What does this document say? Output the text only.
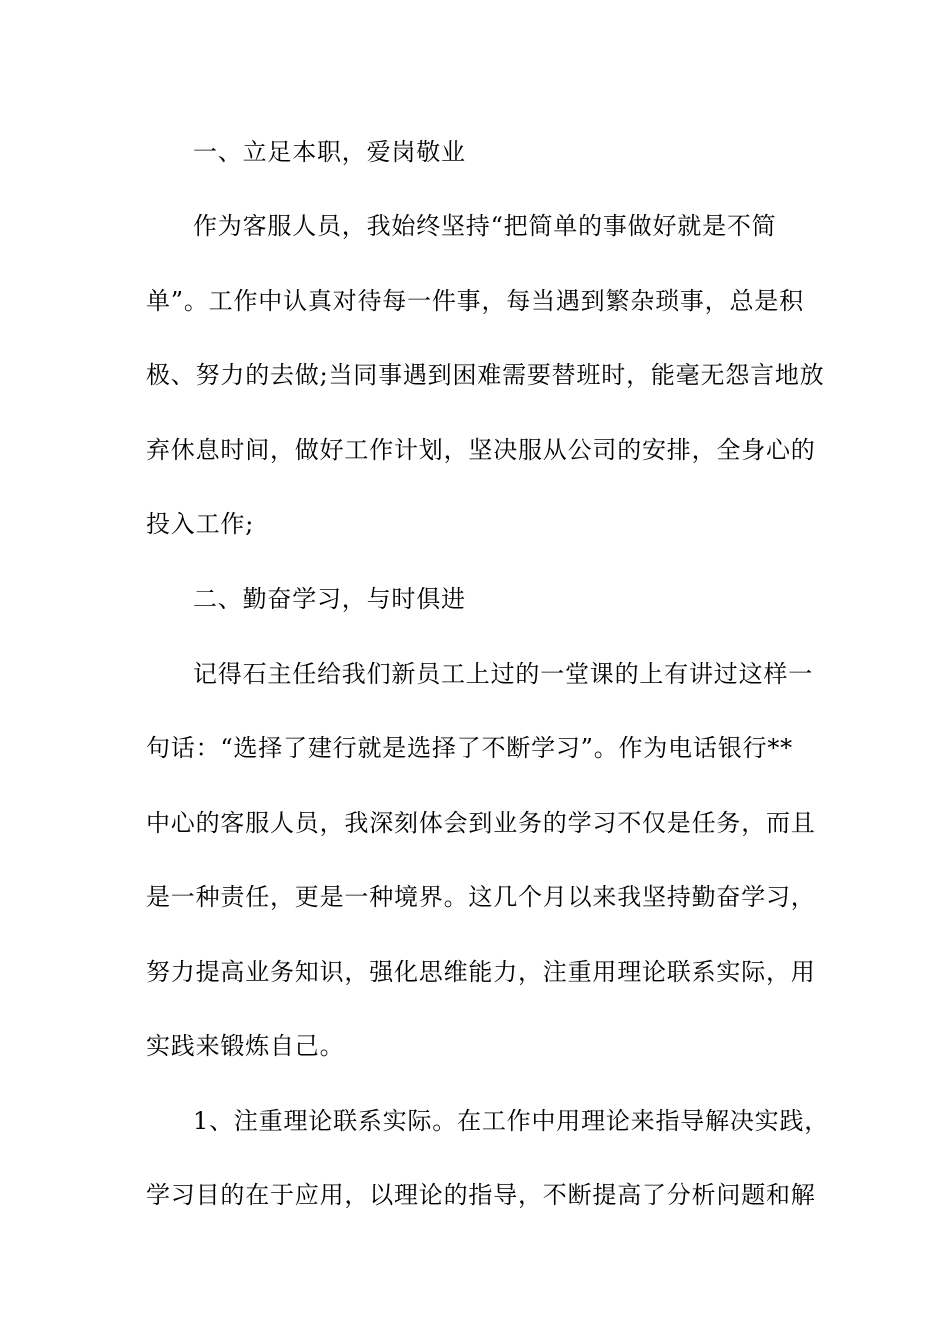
一、立足本职，爱岗敬业
作为客服人员，我始终坚持“把简单的事做好就是不简
单”。工作中认真对待每一件事，每当遇到繁杂琐事，总是积
极、努力的去做;当同事遇到困难需要替班时，能毫无怨言地放
弃休息时间，做好工作计划，坚决服从公司的安排，全身心的
投入工作;
二、勤奋学习，与时俱进
记得石主任给我们新员工上过的一堂课的上有讲过这样一
句话：“选择了建行就是选择了不断学习”。作为电话银行**
中心的客服人员，我深刻体会到业务的学习不仅是任务，而且
是一种责任，更是一种境界。这几个月以来我坚持勤奋学习，
努力提高业务知识，强化思维能力，注重用理论联系实际，用
实践来锻炼自己。
1、注重理论联系实际。在工作中用理论来指导解决实践，
学习目的在于应用，以理论的指导，不断提高了分析问题和解
